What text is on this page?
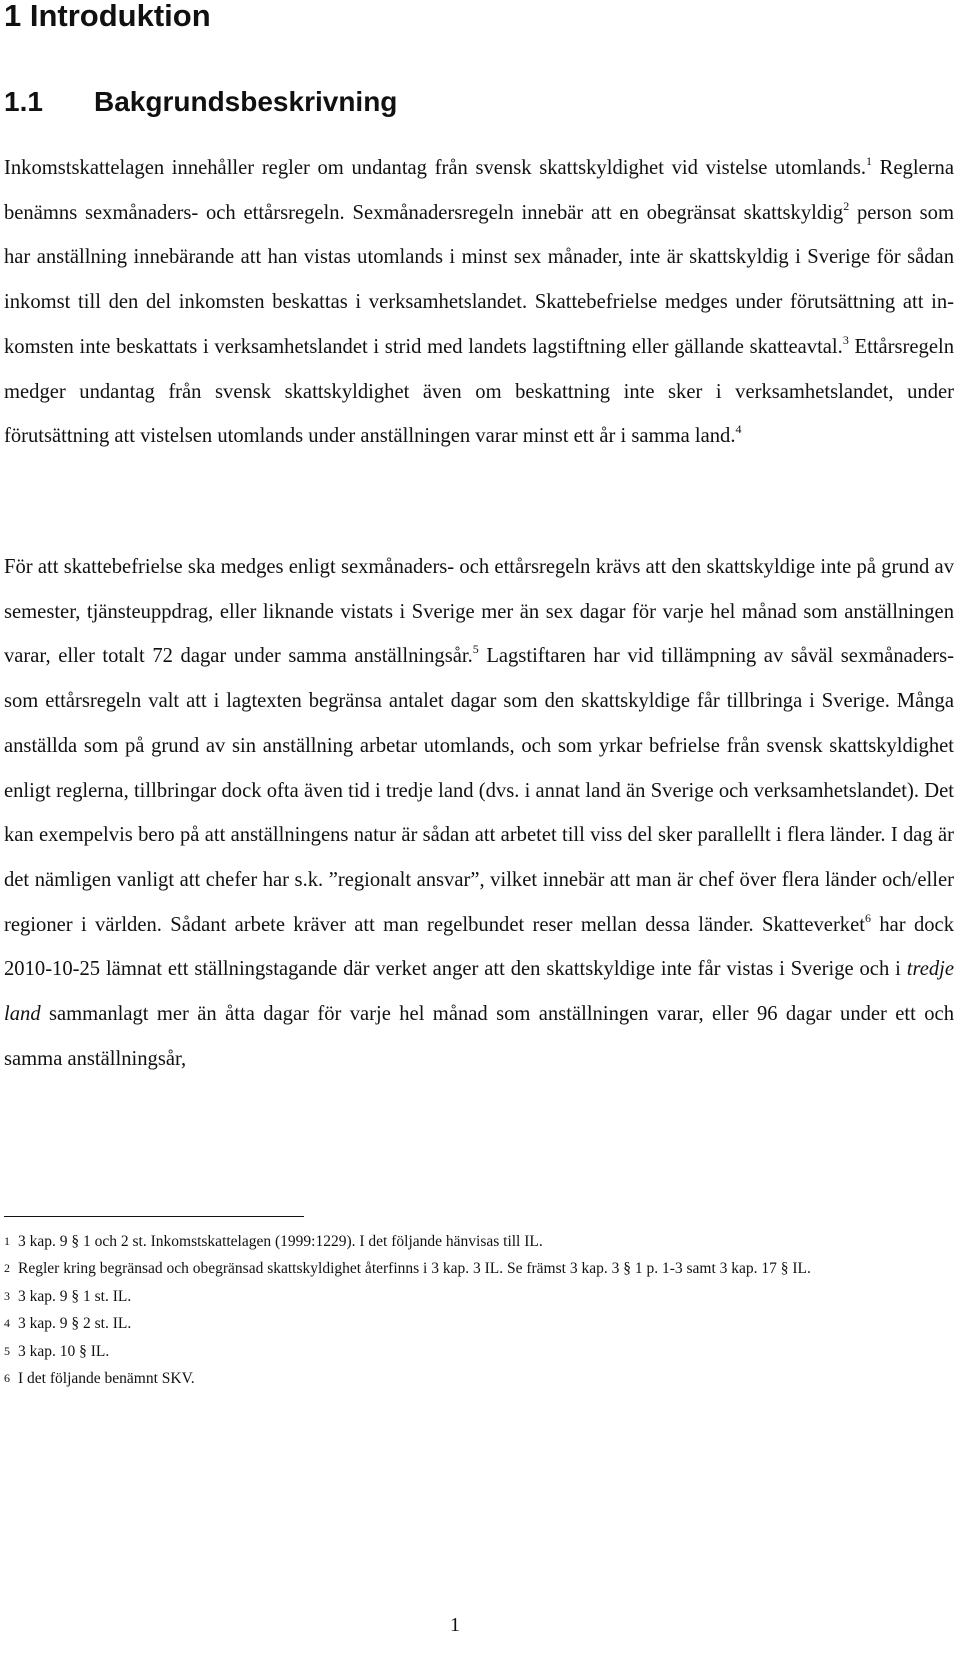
1 Introduktion
1.1	Bakgrundsbeskrivning

Inkomstskattelagen innehåller regler om undantag från svensk skattskyldighet vid vistelse utomlands.$^1$ Reglerna benämns sexmånaders- och ettårsregeln. Sexmånadersregeln innebär att en obegränsat skattskyldig$^2$ person som har anställning innebärande att han vistas utomlands i minst sex månader, inte är skattskyldig i Sverige för sådan inkomst till den del inkomsten beskattas i verksamhetslandet. Skattebefrielse medges under förutsättning att inkomsten inte beskattats i verksamhetslandet i strid med landets lagstiftning eller gällande skatteavtal.$^3$ Ettårsregeln medger undantag från svensk skattskyldighet även om beskattning inte sker i verksamhetslandet, under förutsättning att vistelsen utomlands under anställningen varar minst ett år i samma land.$^4$

För att skattebefrielse ska medges enligt sexmånaders- och ettårsregeln krävs att den skattskyldige inte på grund av semester, tjänsteuppdrag, eller liknande vistats i Sverige mer än sex dagar för varje hel månad som anställningen varar, eller totalt 72 dagar under samma anställningsår.$^5$ Lagstiftaren har vid tillämpning av såväl sexmånaders- som ettårsregeln valt att i lagtexten begränsa antalet dagar som den skattskyldige får tillbringa i Sverige. Många anställda som på grund av sin anställning arbetar utomlands, och som yrkar befrielse från svensk skattskyldighet enligt reglerna, tillbringar dock ofta även tid i tredje land (dvs. i annat land än Sverige och verksamhetslandet). Det kan exempelvis bero på att anställningens natur är sådan att arbetet till viss del sker parallellt i flera länder. I dag är det nämligen vanligt att chefer har s.k. ”regionalt ansvar”, vilket innebär att man är chef över flera länder och/eller regioner i världen. Sådant arbete kräver att man regelbundet reser mellan dessa länder. Skatteverket$^6$ har dock 2010-10-25 lämnat ett ställningstagande där verket anger att den skattskyldige inte får vistas i Sverige och i tredje land sammanlagt mer än åtta dagar för varje hel månad som anställningen varar, eller 96 dagar under ett och samma anställningsår,

1 3 kap. 9 § 1 och 2 st. Inkomstskattelagen (1999:1229). I det följande hänvisas till IL.
2 Regler kring begränsad och obegränsad skattskyldighet återfinns i 3 kap. 3 IL. Se främst 3 kap. 3 § 1 p. 1-3 samt 3 kap. 17 § IL.
3 3 kap. 9 § 1 st. IL.
4 3 kap. 9 § 2 st. IL.
5 3 kap. 10 § IL.
6 I det följande benämnt SKV.
1
